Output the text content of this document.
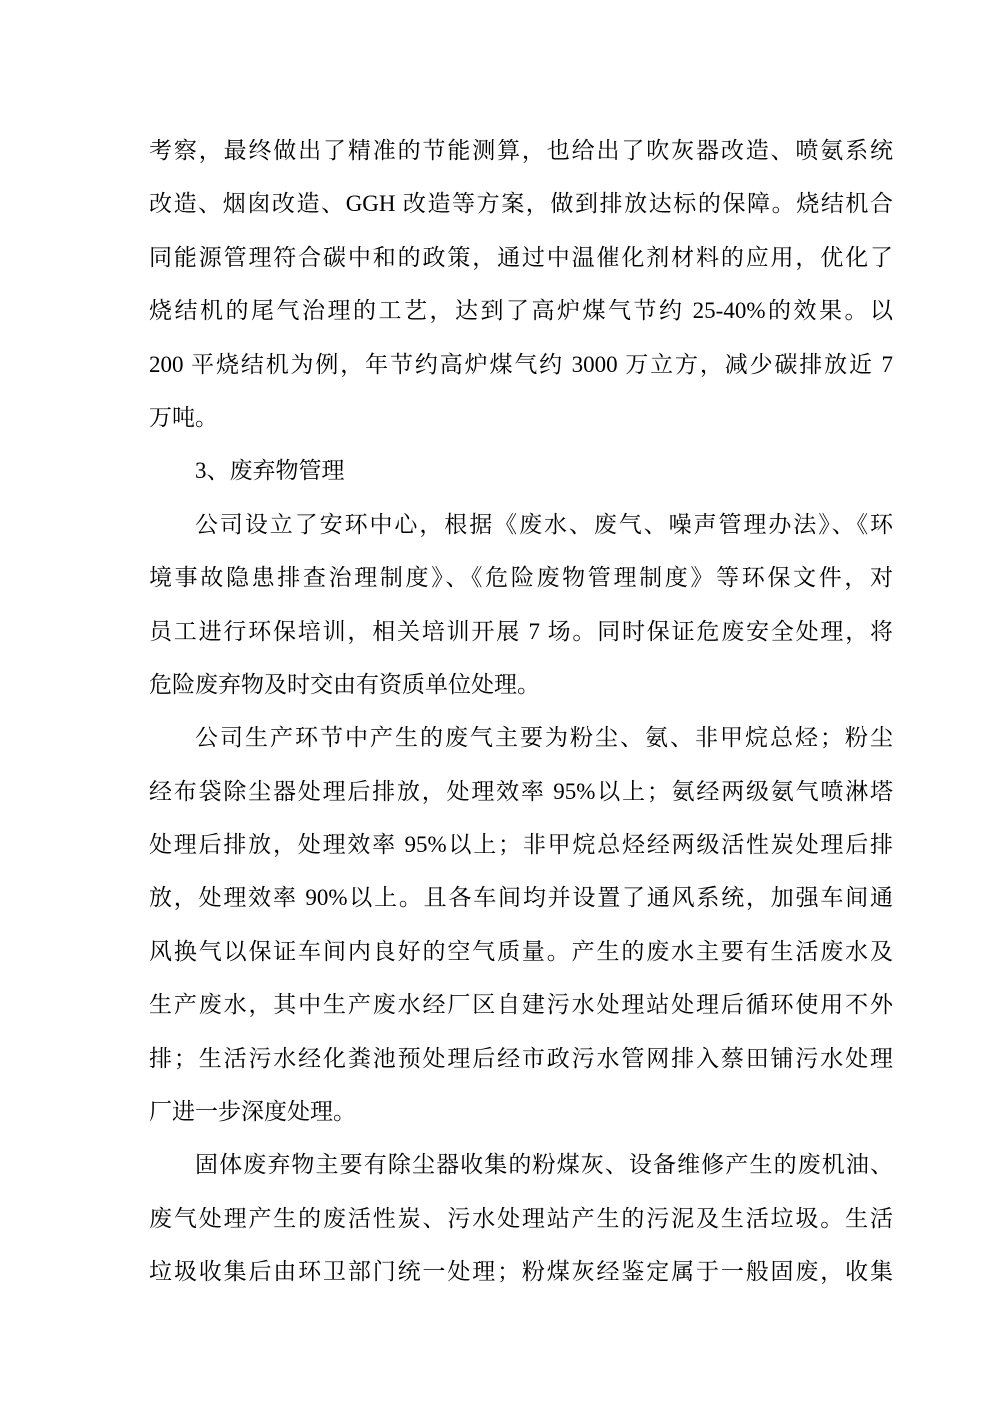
考察，最终做出了精准的节能测算，也给出了吹灰器改造、喷氨系统

改造、烟囱改造、GGH 改造等方案，做到排放达标的保障。烧结机合

同能源管理符合碳中和的政策，通过中温催化剂材料的应用，优化了

烧结机的尾气治理的工艺，达到了高炉煤气节约 25-40%的效果。以

200 平烧结机为例，年节约高炉煤气约 3000 万立方，减少碳排放近 7

万吨。

3、废弃物管理

公司设立了安环中心，根据《废水、废气、噪声管理办法》、《环

境事故隐患排查治理制度》、《危险废物管理制度》等环保文件，对

员工进行环保培训，相关培训开展 7 场。同时保证危废安全处理，将

危险废弃物及时交由有资质单位处理。

公司生产环节中产生的废气主要为粉尘、氨、非甲烷总烃；粉尘

经布袋除尘器处理后排放，处理效率 95%以上；氨经两级氨气喷淋塔

处理后排放，处理效率 95%以上；非甲烷总烃经两级活性炭处理后排

放，处理效率 90%以上。且各车间均并设置了通风系统，加强车间通

风换气以保证车间内良好的空气质量。产生的废水主要有生活废水及

生产废水，其中生产废水经厂区自建污水处理站处理后循环使用不外

排；生活污水经化粪池预处理后经市政污水管网排入蔡田铺污水处理

厂进一步深度处理。

固体废弃物主要有除尘器收集的粉煤灰、设备维修产生的废机油、

废气处理产生的废活性炭、污水处理站产生的污泥及生活垃圾。生活

垃圾收集后由环卫部门统一处理；粉煤灰经鉴定属于一般固废，收集
